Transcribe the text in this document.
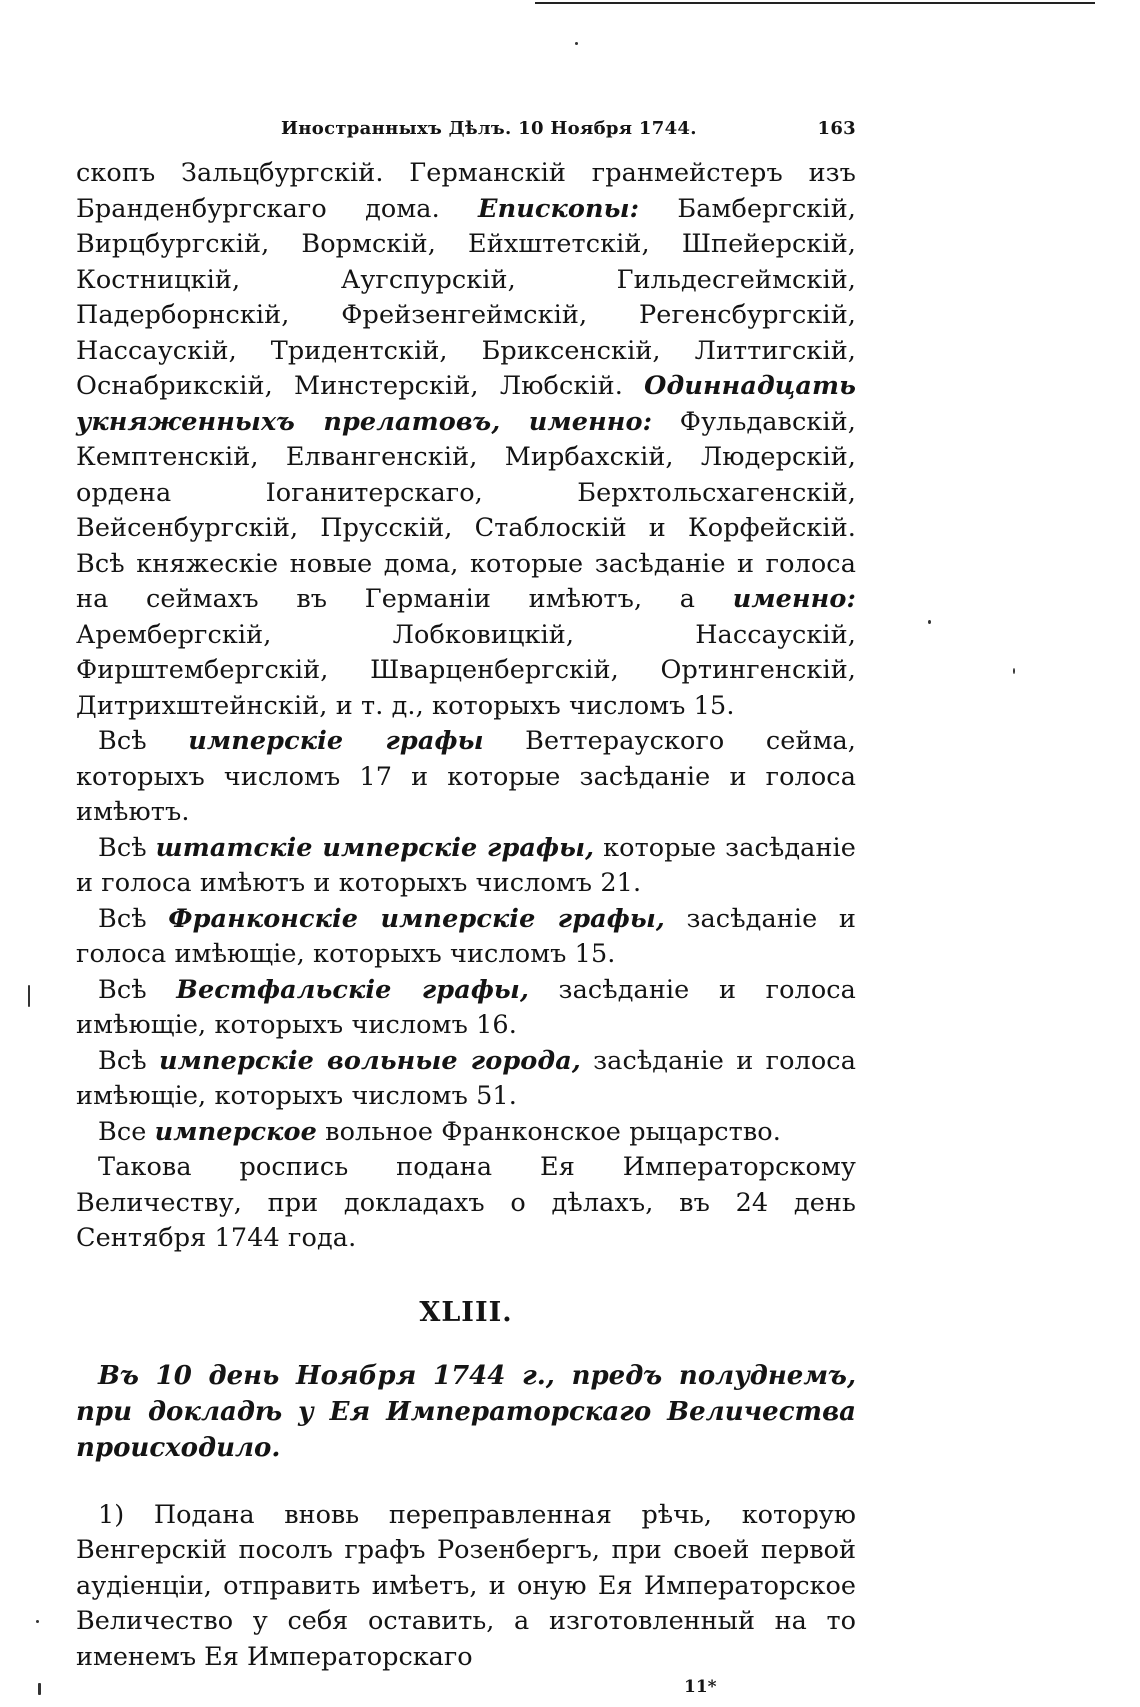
Иностранныхъ Дѣлъ. 10 Ноября 1744.	163

скопъ Зальцбургскій. Германскій гранмейстеръ изъ Бранденбургскаго дома. Епископы: Бамбергскій, Вирцбургскій, Вормскій, Ейхштетскій, Шпейерскій, Костницкій, Аугспурскій, Гильдесгеймскій, Падерборнскій, Фрейзенгеймскій, Регенсбургскій, Нассаускій, Тридентскій, Бриксенскій, Литтигскій, Оснабрикскій, Минстерскій, Любскій. Одиннадцать укняженныхъ прелатовъ, именно: Фульдавскій, Кемптенскій, Елвангенскій, Мирбахскій, Людерскій, ордена Іоганитерскаго, Берхтольсхагенскій, Вейсенбургскій, Прусскій, Стаблоскій и Корфейскій. Всѣ княжескіе новые дома, которые засѣданіе и голоса на сеймахъ въ Германіи имѣютъ, а именно: Арембергскій, Лобковицкій, Нассаускій, Фирштембергскій, Шварценбергскій, Ортингенскій, Дитрихштейнскій, и т. д., которыхъ числомъ 15.

Всѣ имперскіе графы Веттерауского сейма, которыхъ числомъ 17 и которые засѣданіе и голоса имѣютъ.

Всѣ штатскіе имперскіе графы, которые засѣданіе и голоса имѣютъ и которыхъ числомъ 21.

Всѣ Франконскіе имперскіе графы, засѣданіе и голоса имѣющіе, которыхъ числомъ 15.

Всѣ Вестфальскіе графы, засѣданіе и голоса имѣющіе, которыхъ числомъ 16.

Всѣ имперскіе вольные города, засѣданіе и голоса имѣющіе, которыхъ числомъ 51.

Все имперское вольное Франконское рыцарство.

Такова роспись подана Ея Императорскому Величеству, при докладахъ о дѣлахъ, въ 24 день Сентября 1744 года.

XLIII.
Въ 10 день Ноября 1744 г., предъ полуднемъ, при докладѣ у Ея Императорскаго Величества происходило.

1) Подана вновь переправленная рѣчь, которую Венгерскій посолъ графъ Розенбергъ, при своей первой аудіенціи, отправить имѣетъ, и оную Ея Императорское Величество у себя оставить, а изготовленный на то именемъ Ея Императорскаго

11*
